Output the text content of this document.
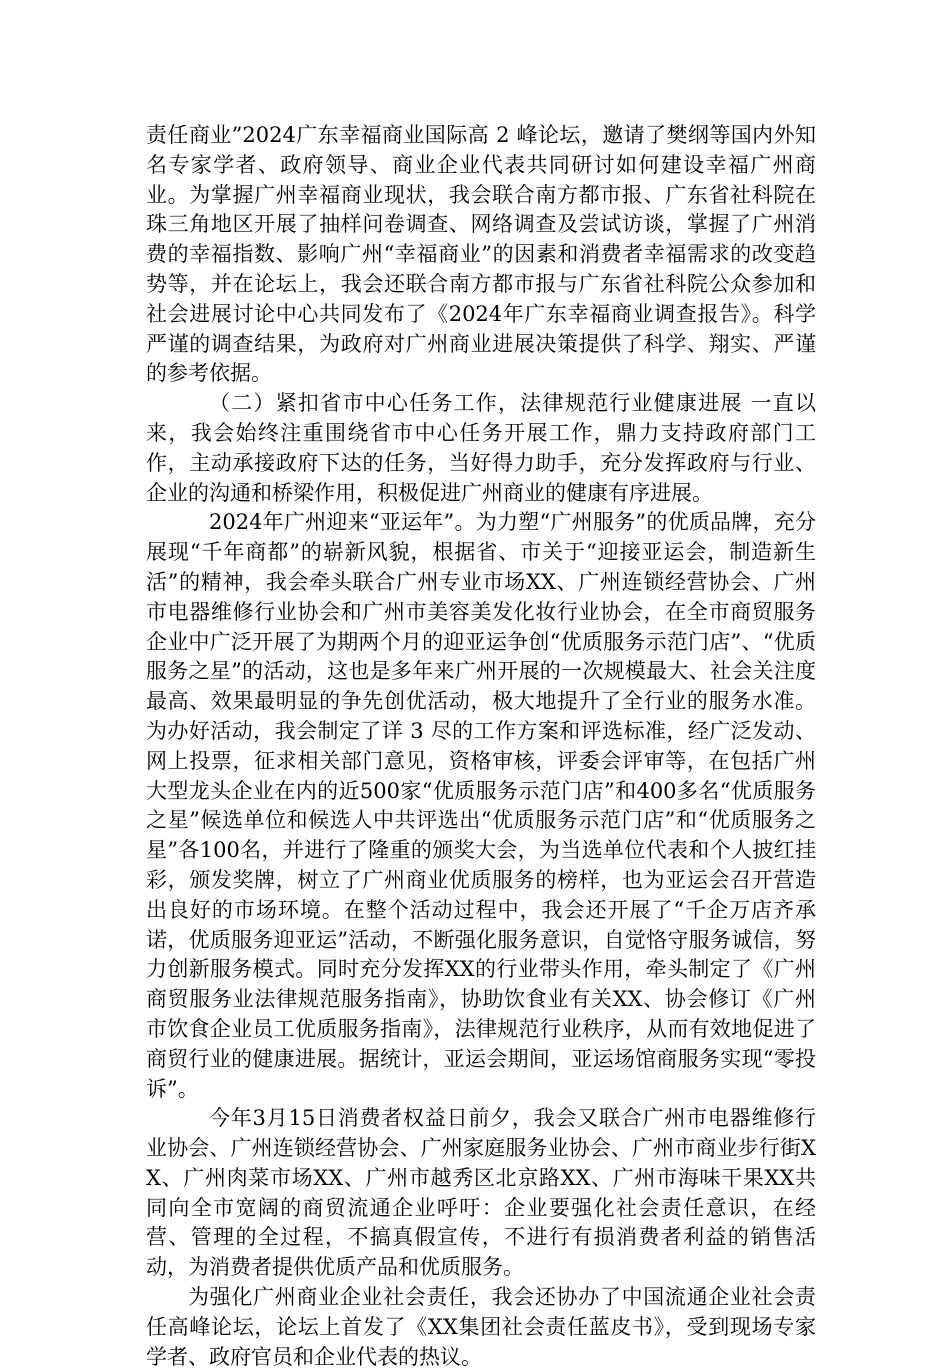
责任商业”2024广东幸福商业国际高 2 峰论坛，邀请了樊纲等国内外知名专家学者、政府领导、商业企业代表共同研讨如何建设幸福广州商业。为掌握广州幸福商业现状，我会联合南方都市报、广东省社科院在珠三角地区开展了抽样问卷调查、网络调查及尝试访谈，掌握了广州消费的幸福指数、影响广州“幸福商业”的因素和消费者幸福需求的改变趋势等，并在论坛上，我会还联合南方都市报与广东省社科院公众参加和社会进展讨论中心共同发布了《2024年广东幸福商业调查报告》。科学严谨的调查结果，为政府对广州商业进展决策提供了科学、翔实、严谨的参考依据。

（二）紧扣省市中心任务工作，法律规范行业健康进展 一直以来，我会始终注重围绕省市中心任务开展工作，鼎力支持政府部门工作，主动承接政府下达的任务，当好得力助手，充分发挥政府与行业、企业的沟通和桥梁作用，积极促进广州商业的健康有序进展。

2024年广州迎来“亚运年”。为力塑“广州服务”的优质品牌，充分展现“千年商都”的崭新风貌，根据省、市关于“迎接亚运会，制造新生活”的精神，我会牵头联合广州专业市场XX、广州连锁经营协会、广州市电器维修行业协会和广州市美容美发化妆行业协会，在全市商贸服务企业中广泛开展了为期两个月的迎亚运争创“优质服务示范门店”、“优质服务之星”的活动，这也是多年来广州开展的一次规模最大、社会关注度最高、效果最明显的争先创优活动，极大地提升了全行业的服务水准。为办好活动，我会制定了详 3 尽的工作方案和评选标准，经广泛发动、网上投票，征求相关部门意见，资格审核，评委会评审等，在包括广州大型龙头企业在内的近500家“优质服务示范门店”和400多名“优质服务之星”候选单位和候选人中共评选出“优质服务示范门店”和“优质服务之星”各100名，并进行了隆重的颁奖大会，为当选单位代表和个人披红挂彩，颁发奖牌，树立了广州商业优质服务的榜样，也为亚运会召开营造出良好的市场环境。在整个活动过程中，我会还开展了“千企万店齐承诺，优质服务迎亚运”活动，不断强化服务意识，自觉恪守服务诚信，努力创新服务模式。同时充分发挥XX的行业带头作用，牵头制定了《广州商贸服务业法律规范服务指南》，协助饮食业有关XX、协会修订《广州市饮食企业员工优质服务指南》，法律规范行业秩序，从而有效地促进了商贸行业的健康进展。据统计，亚运会期间，亚运场馆商服务实现“零投诉”。

今年3月15日消费者权益日前夕，我会又联合广州市电器维修行业协会、广州连锁经营协会、广州家庭服务业协会、广州市商业步行街XX、广州肉菜市场XX、广州市越秀区北京路XX、广州市海味干果XX共同向全市宽阔的商贸流通企业呼吁：企业要强化社会责任意识，在经营、管理的全过程，不搞真假宣传，不进行有损消费者利益的销售活动，为消费者提供优质产品和优质服务。

为强化广州商业企业社会责任，我会还协办了中国流通企业社会责任高峰论坛，论坛上首发了《XX集团社会责任蓝皮书》，受到现场专家学者、政府官员和企业代表的热议。
